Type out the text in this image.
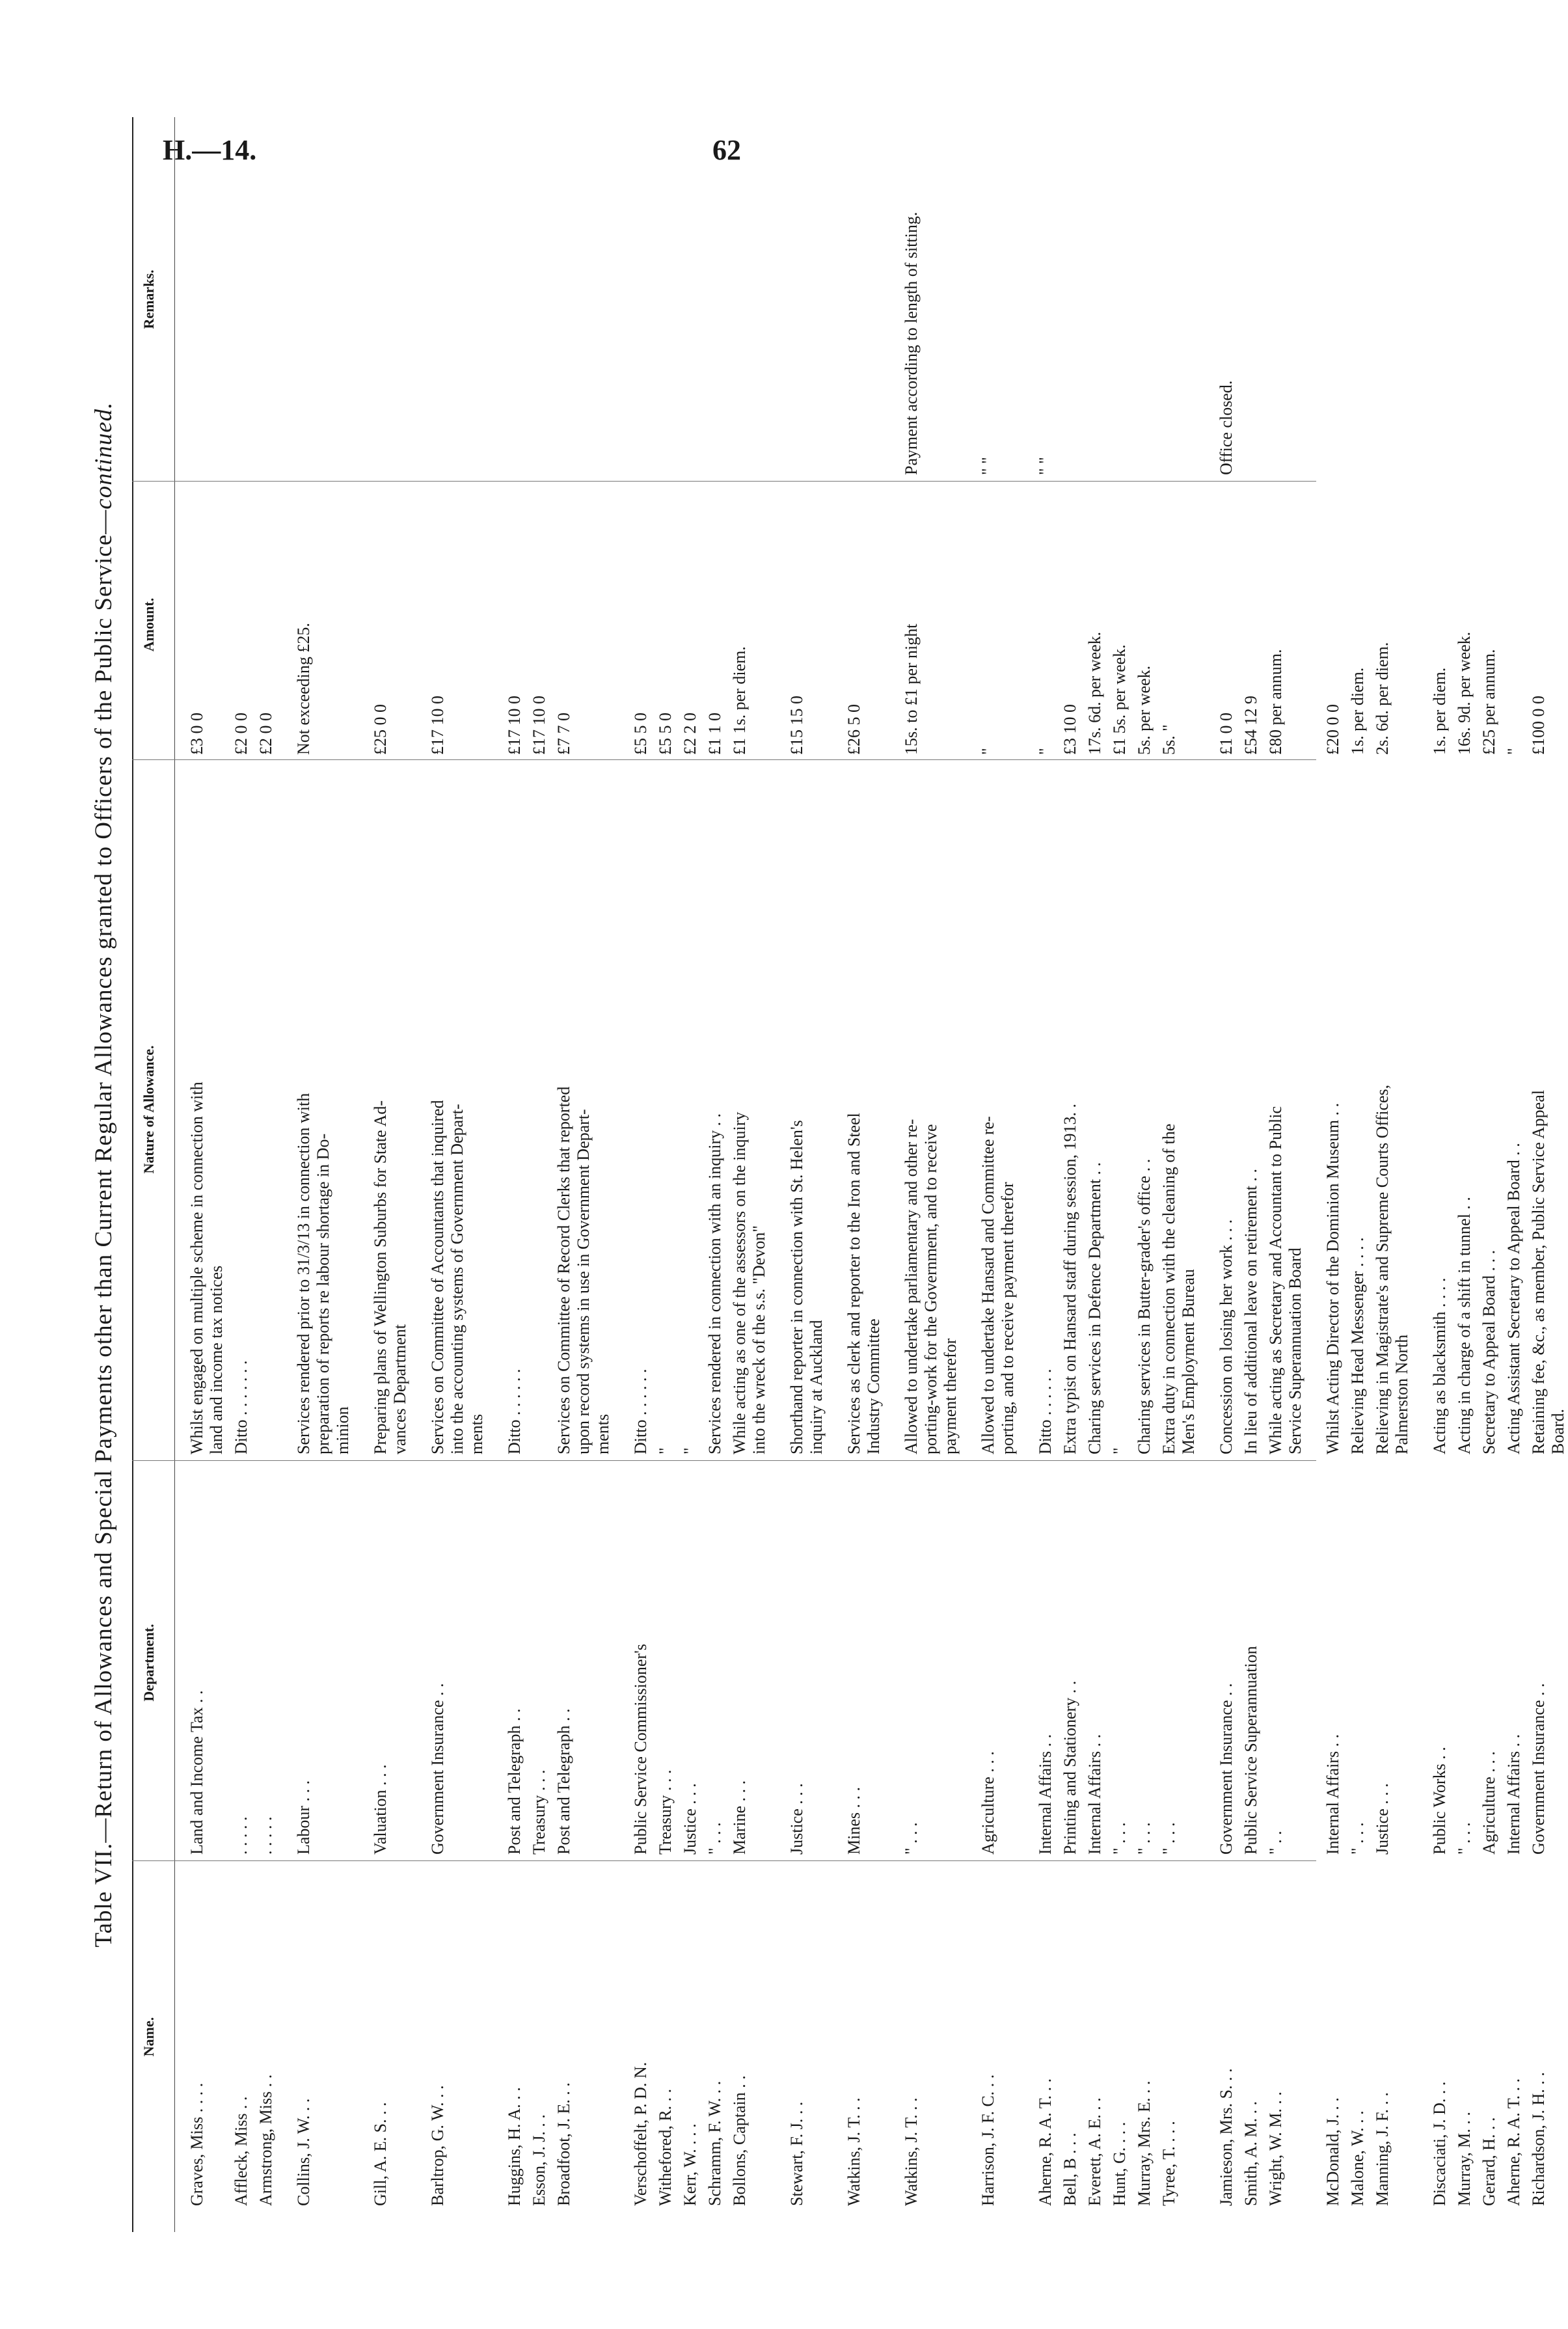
H.—14.	62
Table VII.—Return of Allowances and Special Payments other than Current Regular Allowances granted to Officers of the Public Service—continued.
Name.
Department.
Nature of Allowance.
Amount.
Remarks.
Graves, Miss . . . .
Land and Income Tax . .
Whilst engaged on multiple scheme in connection with
land and income tax notices
£3 0 0
Affleck, Miss . .
. . . . .
Ditto . . . . . . .
£2 0 0
Armstrong, Miss . .
. . . . .
£2 0 0
Collins, J. W. . .
Labour . . .
Services rendered prior to 31/3/13 in connection with
preparation of reports re labour shortage in Do-
minion
Not exceeding £25.
Gill, A. E. S. . .
Valuation . . .
Preparing plans of Wellington Suburbs for State Ad-
vances Department
£25 0 0
Barltrop, G. W. . .
Government Insurance . .
Services on Committee of Accountants that inquired
into the accounting systems of Government Depart-
ments
£17 10 0
Huggins, H. A. . .
Post and Telegraph . .
Ditto . . . . . .
£17 10 0
Esson, J. J. . .
Treasury . . .
£17 10 0
Broadfoot, J. E. . .
Post and Telegraph . .
Services on Committee of Record Clerks that reported
upon record systems in use in Government Depart-
ments
£7 7 0
Verschoffelt, P. D. N.
Public Service Commissioner's
Ditto . . . . . .
£5 5 0
Withefored, R. . .
Treasury . . .
"
£5 5 0
Kerr, W. . . .
Justice . . .
"
£2 2 0
Schramm, F. W. . .
" . . .
Services rendered in connection with an inquiry . .
£1 1 0
Bollons, Captain . .
Marine . . .
While acting as one of the assessors on the inquiry
into the wreck of the s.s. "Devon"
£1 1s. per diem.
Stewart, F. J. . .
Justice . . .
Shorthand reporter in connection with St. Helen's
inquiry at Auckland
£15 15 0
Watkins, J. T. . .
Mines . . .
Services as clerk and reporter to the Iron and Steel
Industry Committee
£26 5 0
Watkins, J. T. . .
" . . .
Allowed to undertake parliamentary and other re-
porting-work for the Government, and to receive
payment therefor
15s. to £1 per night
Payment according to length of sitting.
Harrison, J. F. C. . .
Agriculture . . .
Allowed to undertake Hansard and Committee re-
porting, and to receive payment therefor
"
" "
Aherne, R. A. T. . .
Internal Affairs . .
Ditto . . . . . .
"
" "
Bell, B . . .
Printing and Stationery . .
Extra typist on Hansard staff during session, 1913. .
£3 10 0
Everett, A. E. . .
Internal Affairs . .
Charing services in Defence Department . .
17s. 6d. per week.
Hunt, G. . . .
" . . .
"
£1 5s. per week.
Murray, Mrs. E. . .
" . . .
Charing services in Butter-grader's office . .
5s. per week.
Tyree, T. . . .
" . . .
Extra duty in connection with the cleaning of the
Men's Employment Bureau
5s. "
Jamieson, Mrs. S. . .
Government Insurance . .
Concession on losing her work . . .
£1 0 0
Office closed.
Smith, A. M. . .
Public Service Superannuation
In lieu of additional leave on retirement . .
£54 12 9
Wright, W. M. . .
" . .
While acting as Secretary and Accountant to Public
Service Superannuation Board
£80 per annum.
McDonald, J. . .
Internal Affairs . .
Whilst Acting Director of the Dominion Museum . .
£20 0 0
Malone, W. . .
" . . .
Relieving Head Messenger . . . .
1s. per diem.
Manning, J. F. . .
Justice . . .
Relieving in Magistrate's and Supreme Courts Offices,
Palmerston North
2s. 6d. per diem.
Discaciati, J. D. . .
Public Works . .
Acting as blacksmith . . . .
1s. per diem.
Murray, M. . .
" . . .
Acting in charge of a shift in tunnel . .
16s. 9d. per week.
Gerard, H. . .
Agriculture . . .
Secretary to Appeal Board . . .
£25 per annum.
Aherne, R. A. T. . .
Internal Affairs . .
Acting Assistant Secretary to Appeal Board . .
"
Richardson, J. H. . .
Government Insurance . .
Retaining fee, &c., as member, Public Service Appeal
Board.
£100 0 0
